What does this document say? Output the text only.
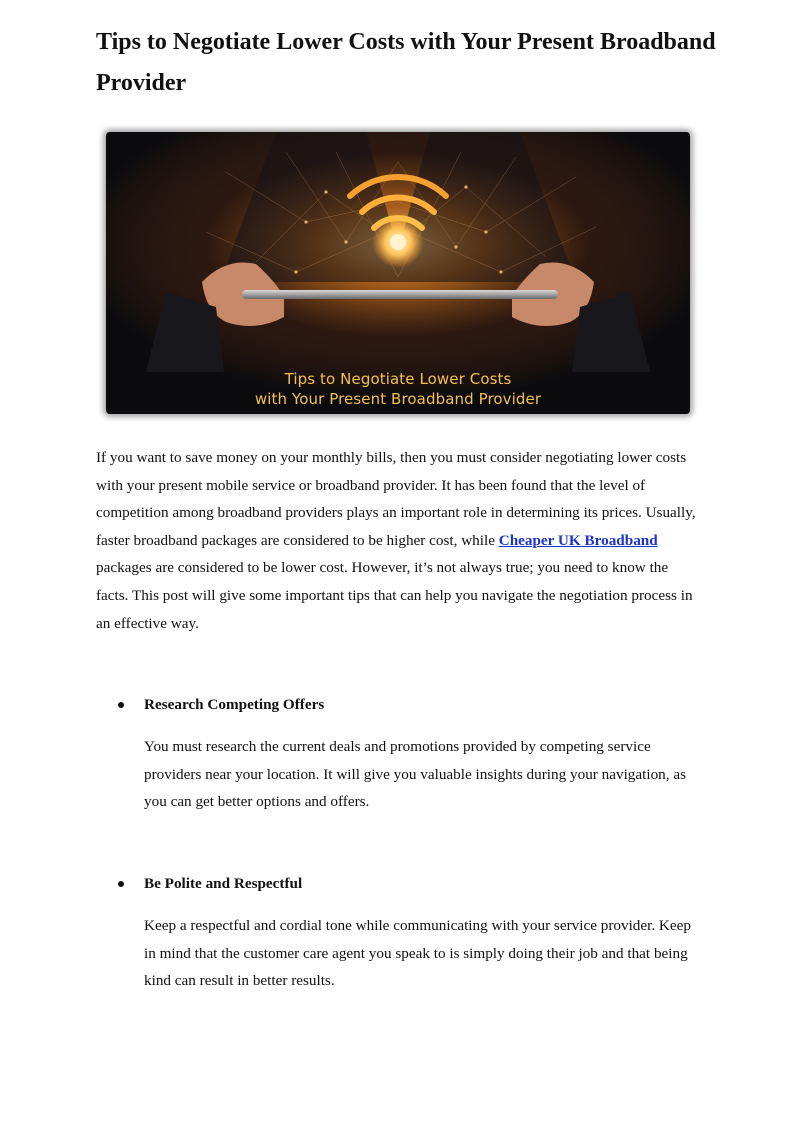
Tips to Negotiate Lower Costs with Your Present Broadband Provider
Tips to Negotiate Lower Costs
with Your Present Broadband Provider

If you want to save money on your monthly bills, then you must consider negotiating lower costs with your present mobile service or broadband provider. It has been found that the level of competition among broadband providers plays an important role in determining its prices. Usually, faster broadband packages are considered to be higher cost, while Cheaper UK Broadband packages are considered to be lower cost. However, it’s not always true; you need to know the facts. This post will give some important tips that can help you navigate the negotiation process in an effective way.

Research Competing Offers

You must research the current deals and promotions provided by competing service providers near your location. It will give you valuable insights during your navigation, as you can get better options and offers.

Be Polite and Respectful

Keep a respectful and cordial tone while communicating with your service provider. Keep in mind that the customer care agent you speak to is simply doing their job and that being kind can result in better results.
